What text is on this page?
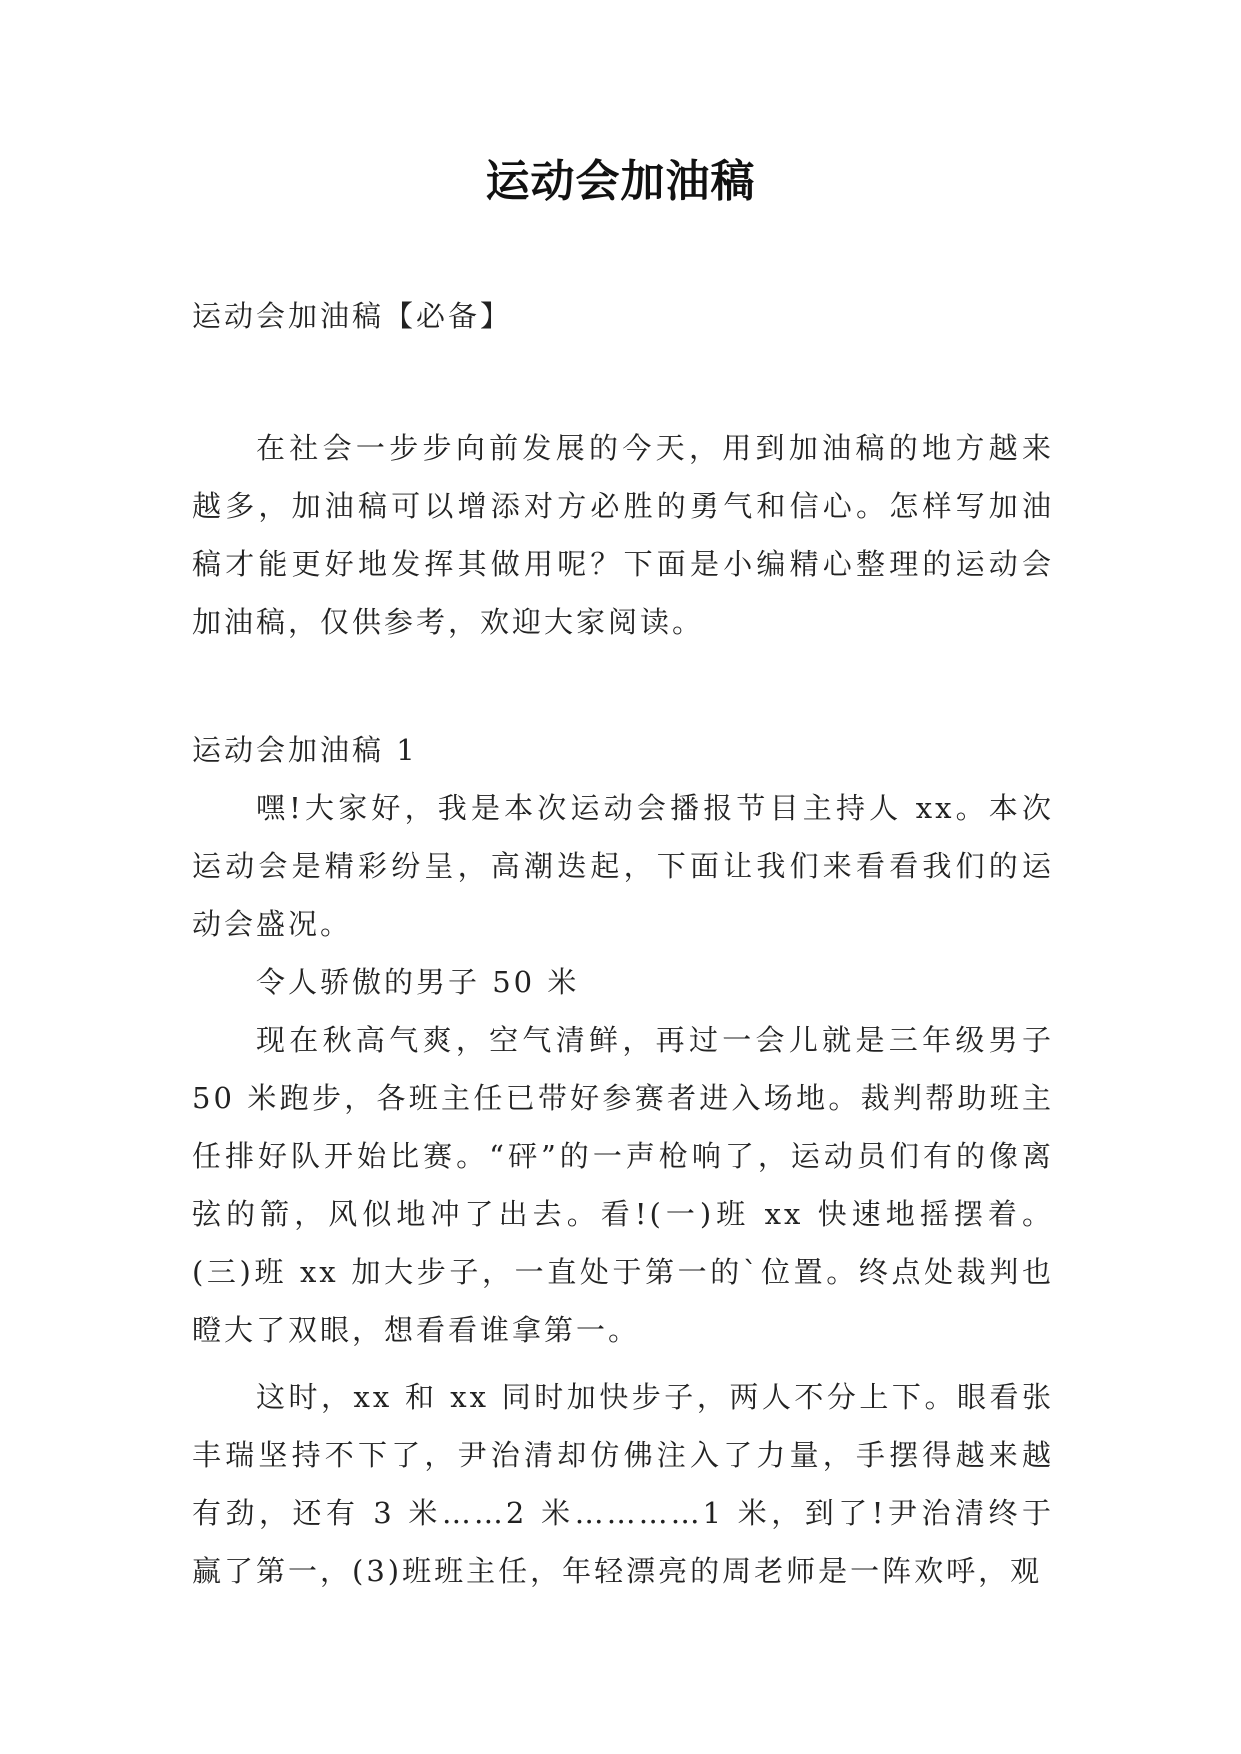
运动会加油稿

运动会加油稿【必备】

在社会一步步向前发展的今天，用到加油稿的地方越来越多，加油稿可以增添对方必胜的勇气和信心。怎样写加油稿才能更好地发挥其做用呢？下面是小编精心整理的运动会加油稿，仅供参考，欢迎大家阅读。

运动会加油稿 1

嘿!大家好，我是本次运动会播报节目主持人 xx。本次运动会是精彩纷呈，高潮迭起，下面让我们来看看我们的运动会盛况。

令人骄傲的男子 50 米

现在秋高气爽，空气清鲜，再过一会儿就是三年级男子 50 米跑步，各班主任已带好参赛者进入场地。裁判帮助班主任排好队开始比赛。“砰”的一声枪响了，运动员们有的像离弦的箭，风似地冲了出去。看!(一)班 xx 快速地摇摆着。(三)班 xx 加大步子，一直处于第一的`位置。终点处裁判也瞪大了双眼，想看看谁拿第一。

这时，xx 和 xx 同时加快步子，两人不分上下。眼看张丰瑞坚持不下了，尹治清却仿佛注入了力量，手摆得越来越有劲，还有 3 米……2 米…………1 米，到了!尹治清终于赢了第一，(3)班班主任，年轻漂亮的周老师是一阵欢呼，观
